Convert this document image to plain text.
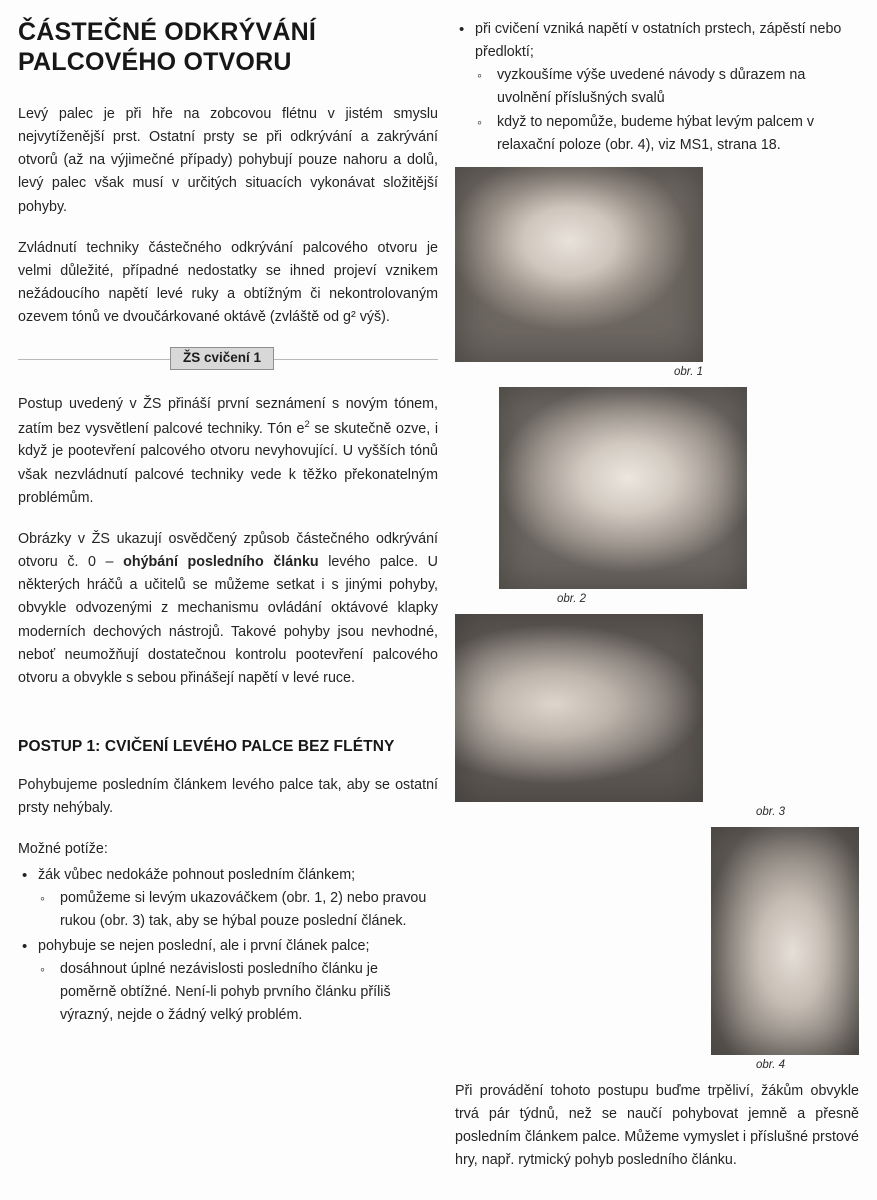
ČÁSTEČNÉ ODKRÝVÁNÍ PALCOVÉHO OTVORU

Levý palec je při hře na zobcovou flétnu v jistém smyslu nejvytíženější prst. Ostatní prsty se při odkrývání a zakrývání otvorů (až na výjimečné případy) pohybují pouze nahoru a dolů, levý palec však musí v určitých situacích vykonávat složitější pohyby.

Zvládnutí techniky částečného odkrývání palcového otvoru je velmi důležité, případné nedostatky se ihned projeví vznikem nežádoucího napětí levé ruky a obtížným či nekontrolovaným ozevem tónů ve dvoučárkované oktávě (zvláště od g² výš).

ŽS cvičení 1

Postup uvedený v ŽS přináší první seznámení s novým tónem, zatím bez vysvětlení palcové techniky. Tón $e^2$ se skutečně ozve, i když je pootevření palcového otvoru nevyhovující. U vyšších tónů však nezvládnutí palcové techniky vede k těžko překonatelným problémům.

Obrázky v ŽS ukazují osvědčený způsob částečného odkrývání otvoru č. 0 – ohýbání posledního článku levého palce. U některých hráčů a učitelů se můžeme setkat i s jinými pohyby, obvykle odvozenými z mechanismu ovládání oktávové klapky moderních dechových nástrojů. Takové pohyby jsou nevhodné, neboť neumožňují dostatečnou kontrolu pootevření palcového otvoru a obvykle s sebou přinášejí napětí v levé ruce.

POSTUP 1: CVIČENÍ LEVÉHO PALCE BEZ FLÉTNY

Pohybujeme posledním článkem levého palce tak, aby se ostatní prsty nehýbaly.

Možné potíže:
• žák vůbec nedokáže pohnout posledním článkem;
◦ pomůžeme si levým ukazováčkem (obr. 1, 2) nebo pravou rukou (obr. 3) tak, aby se hýbal pouze poslední článek.
• pohybuje se nejen poslední, ale i první článek palce;
◦ dosáhnout úplné nezávislosti posledního článku je poměrně obtížné. Není-li pohyb prvního článku příliš výrazný, nejde o žádný velký problém.
• při cvičení vzniká napětí v ostatních prstech, zápěstí nebo předloktí;
◦ vyzkoušíme výše uvedené návody s důrazem na uvolnění příslušných svalů
◦ když to nepomůže, budeme hýbat levým palcem v relaxační poloze (obr. 4), viz MS1, strana 18.
obr. 1
obr. 2
obr. 3
obr. 4

Při provádění tohoto postupu buďme trpěliví, žákům obvykle trvá pár týdnů, než se naučí pohybovat jemně a přesně posledním článkem palce. Můžeme vymyslet i příslušné prstové hry, např. rytmický pohyb posledního článku.
